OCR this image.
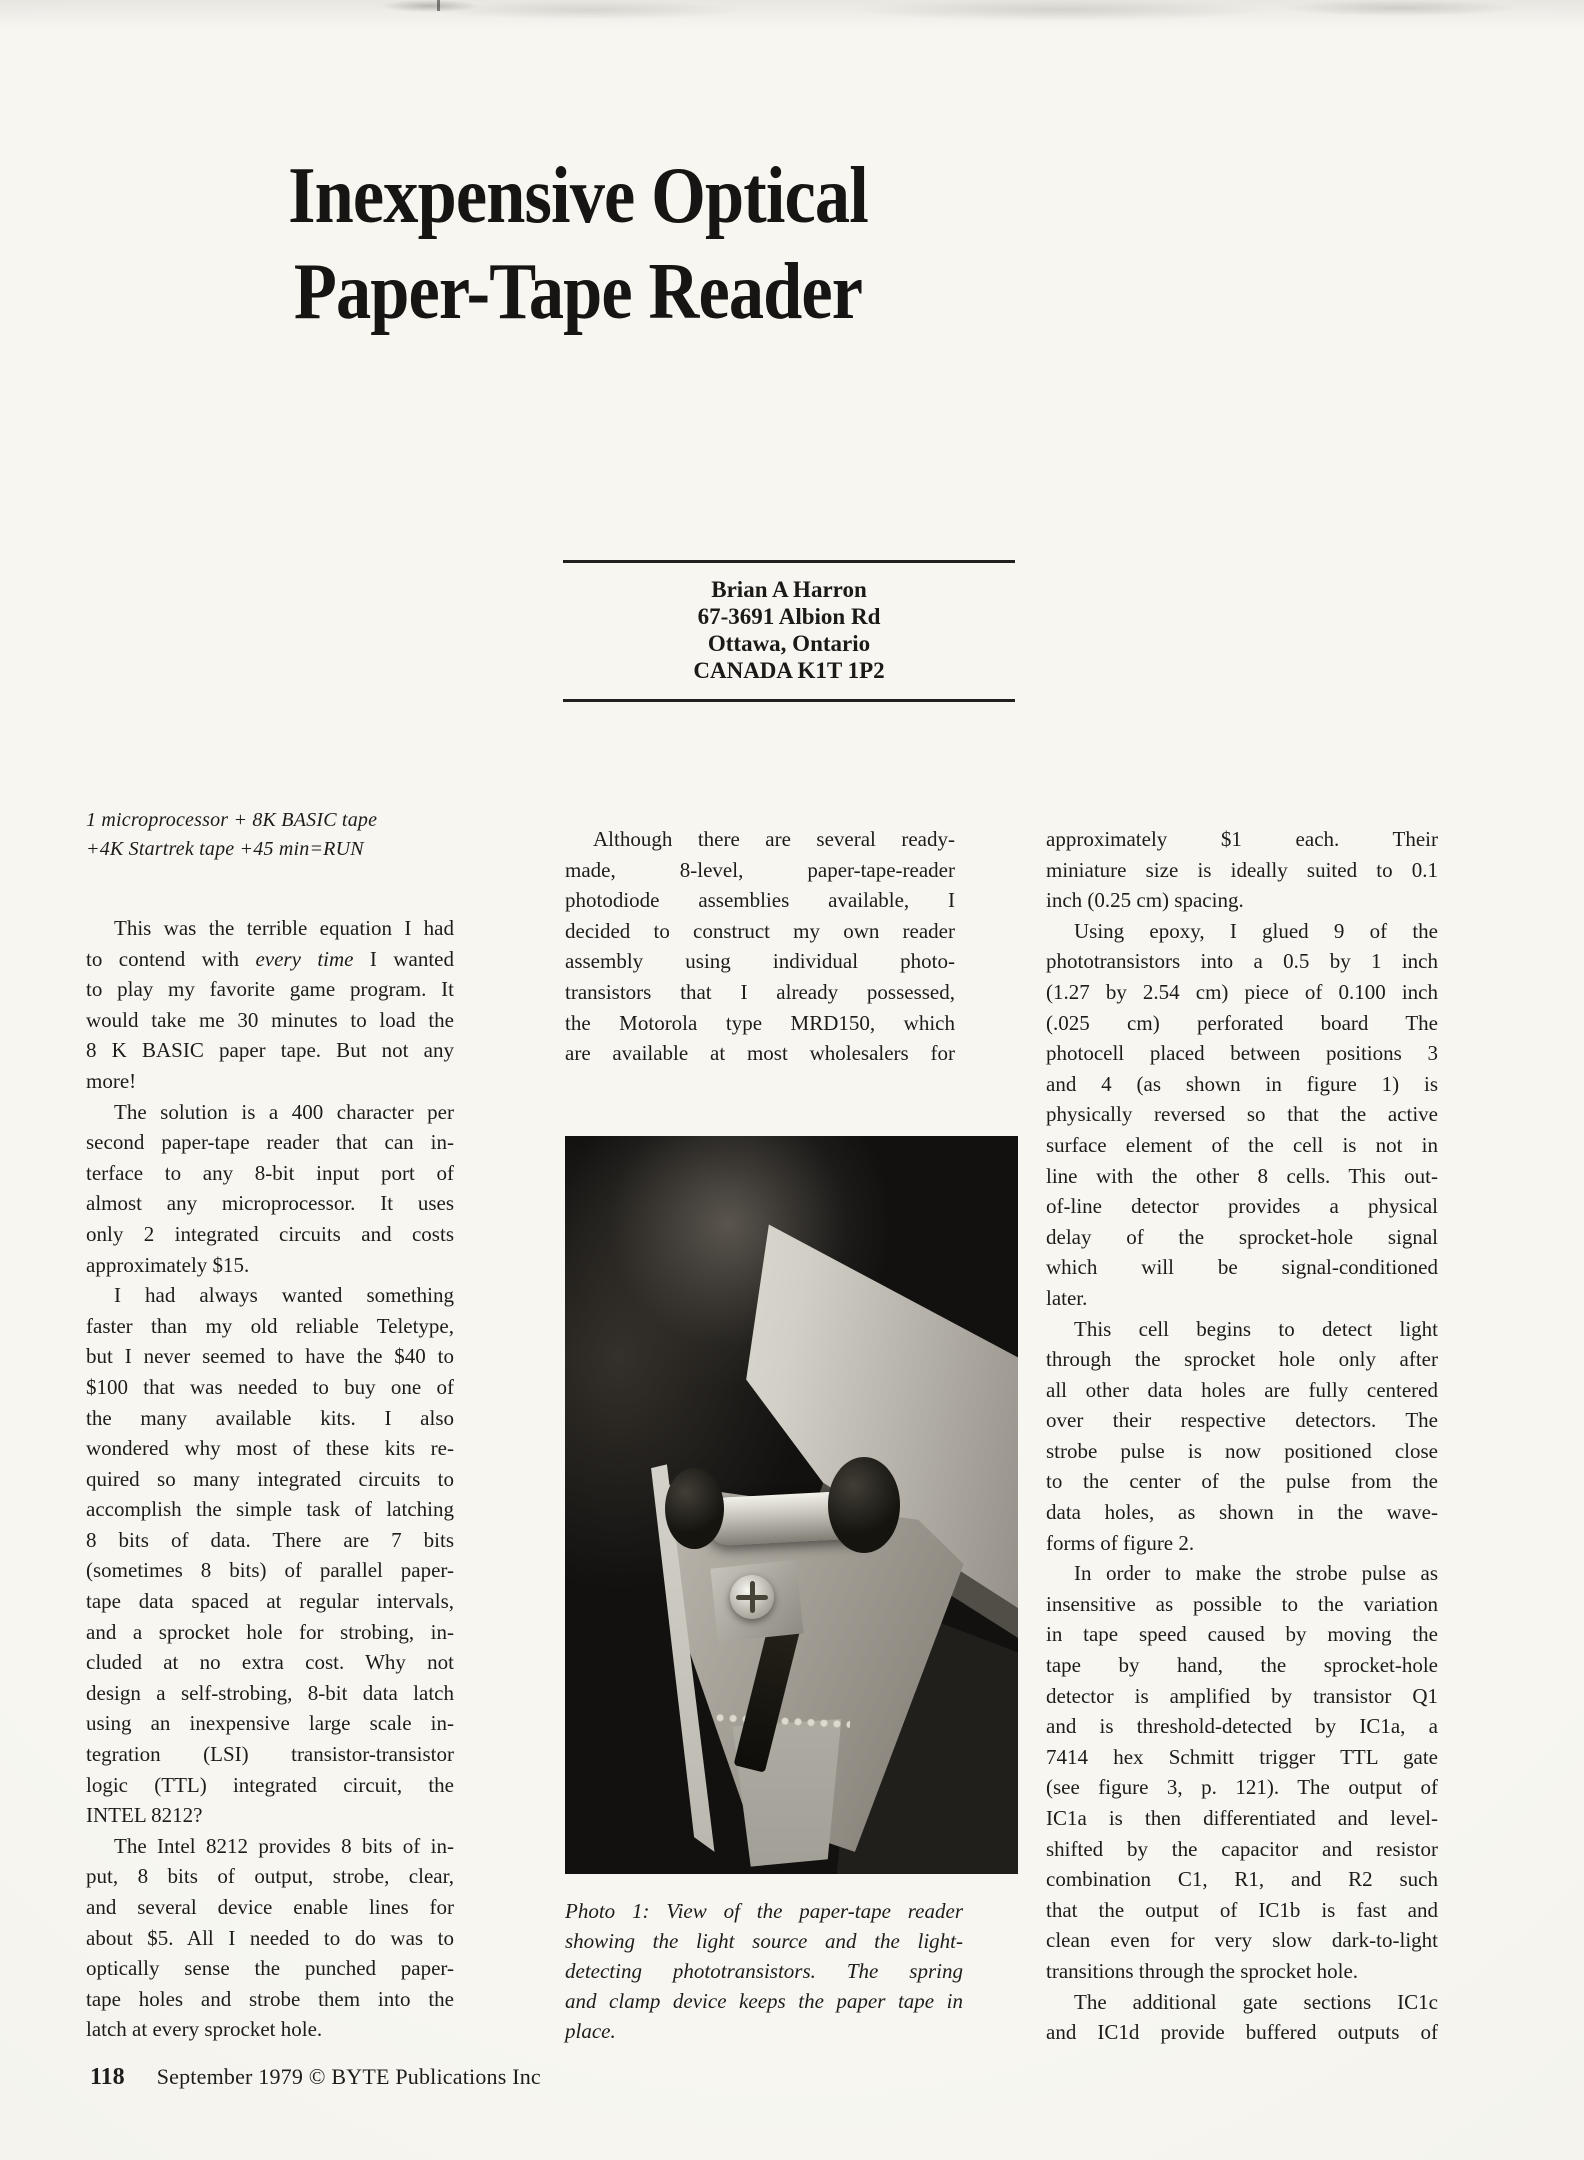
Inexpensive Optical
Paper-Tape Reader
Brian A Harron
67-3691 Albion Rd
Ottawa, Ontario
CANADA K1T 1P2
1 microprocessor + 8K BASIC tape
+4K Startrek tape +45 min=RUN
This was the terrible equation I had
to contend with every time I wanted
to play my favorite game program. It
would take me 30 minutes to load the
8 K BASIC paper tape. But not any
more!
The solution is a 400 character per
second paper-tape reader that can in-
terface to any 8-bit input port of
almost any microprocessor. It uses
only 2 integrated circuits and costs
approximately $15.
I had always wanted something
faster than my old reliable Teletype,
but I never seemed to have the $40 to
$100 that was needed to buy one of
the many available kits. I also
wondered why most of these kits re-
quired so many integrated circuits to
accomplish the simple task of latching
8 bits of data. There are 7 bits
(sometimes 8 bits) of parallel paper-
tape data spaced at regular intervals,
and a sprocket hole for strobing, in-
cluded at no extra cost. Why not
design a self-strobing, 8-bit data latch
using an inexpensive large scale in-
tegration (LSI) transistor-transistor
logic (TTL) integrated circuit, the
INTEL 8212?
The Intel 8212 provides 8 bits of in-
put, 8 bits of output, strobe, clear,
and several device enable lines for
about $5. All I needed to do was to
optically sense the punched paper-
tape holes and strobe them into the
latch at every sprocket hole.
Although there are several ready-
made, 8-level, paper-tape-reader
photodiode assemblies available, I
decided to construct my own reader
assembly using individual photo-
transistors that I already possessed,
the Motorola type MRD150, which
are available at most wholesalers for
Photo 1: View of the paper-tape reader
showing the light source and the light-
detecting phototransistors. The spring
and clamp device keeps the paper tape in
place.
approximately $1 each. Their
miniature size is ideally suited to 0.1
inch (0.25 cm) spacing.
Using epoxy, I glued 9 of the
phototransistors into a 0.5 by 1 inch
(1.27 by 2.54 cm) piece of 0.100 inch
(.025 cm) perforated board The
photocell placed between positions 3
and 4 (as shown in figure 1) is
physically reversed so that the active
surface element of the cell is not in
line with the other 8 cells. This out-
of-line detector provides a physical
delay of the sprocket-hole signal
which will be signal-conditioned
later.
This cell begins to detect light
through the sprocket hole only after
all other data holes are fully centered
over their respective detectors. The
strobe pulse is now positioned close
to the center of the pulse from the
data holes, as shown in the wave-
forms of figure 2.
In order to make the strobe pulse as
insensitive as possible to the variation
in tape speed caused by moving the
tape by hand, the sprocket-hole
detector is amplified by transistor Q1
and is threshold-detected by IC1a, a
7414 hex Schmitt trigger TTL gate
(see figure 3, p. 121). The output of
IC1a is then differentiated and level-
shifted by the capacitor and resistor
combination C1, R1, and R2 such
that the output of IC1b is fast and
clean even for very slow dark-to-light
transitions through the sprocket hole.
The additional gate sections IC1c
and IC1d provide buffered outputs of
118 September 1979 © BYTE Publications Inc
